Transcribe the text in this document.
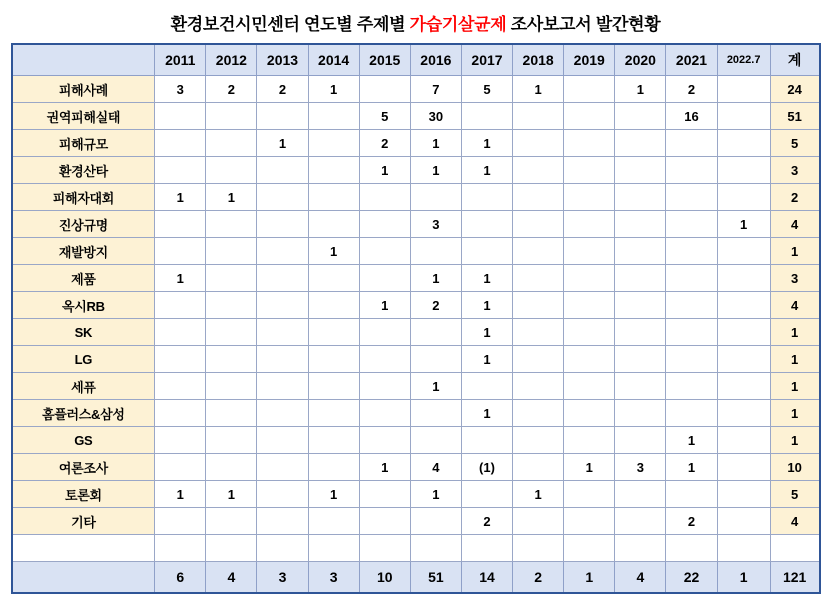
환경보건시민센터 연도별 주제별 가습기살균제 조사보고서 발간현황
	2011	2012	2013	2014	2015	2016	2017	2018	2019	2020	2021	2022.7	계
피해사례	3	2	2	1		7	5	1		1	2		24
권역피해실태					5	30					16		51
피해규모			1		2	1	1						5
환경산타					1	1	1						3
피해자대회	1	1											2
진상규명						3						1	4
재발방지				1									1
제품	1					1	1						3
옥시RB					1	2	1						4
SK							1						1
LG							1						1
세퓨						1							1
홈플러스&삼성							1						1
GS											1		1
여론조사					1	4	(1)		1	3	1		10
토론회	1	1		1		1		1					5
기타							2				2		4

	6	4	3	3	10	51	14	2	1	4	22	1	121
